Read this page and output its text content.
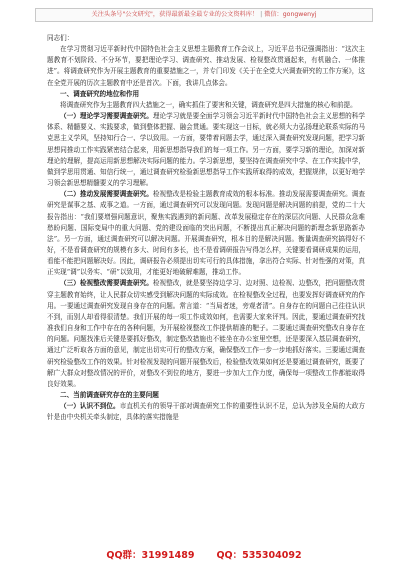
关注头条号"公文研究"，获得最新最全最专业的公文资料库！ | 微信：gongwenyj

同志们：

在学习贯彻习近平新时代中国特色社会主义思想主题教育工作会议上，习近平总书记强调指出：“这次主题教育不划阶段、不分环节，要把理论学习、调查研究、推动发展、检视整改贯通起来，有机融合、一体推进”。将调查研究作为开展主题教育的重要措施之一，并专门印发《关于在全党大兴调查研究的工作方案》，这在全党开展的历次主题教育中还是首次。下面，我讲几点体会。

一、调查研究的地位和作用

将调查研究作为主题教育四大措施之一，确实抓住了要害和关键，调查研究是四大措施的核心和前提。

（一）理论学习需要调查研究。理论学习就是要全面学习领会习近平新时代中国特色社会主义思想的科学体系、精髓要义、实践要求，做到整体把握、融会贯通。要实现这一目标，就必须大力弘扬理论联系实际的马克思主义学风，坚持知行合一、学以致用。一方面，要带着问题去学，通过深入调查研究发现问题，把学习新思想同推动工作实践紧密结合起来，用新思想指导我们的每一项工作。另一方面，要学习新的理论，加深对新理论的理解，提高运用新思想解决实际问题的能力。学习新思想，要坚持在调查研究中学、在工作实践中学，做到学思用贯通、知信行统一，通过调查研究检验新思想指导工作实践所取得的成效，把握规律，以更好地学习领会新思想精髓要义的学习理解。

（二）推动发展需要调查研究。检视整改是检验主题教育成效的根本标准。推动发展需要调查研究。调查研究是谋事之基、成事之道。一方面，通过调查研究可以发现问题。发现问题是解决问题的前提，党的二十大报告指出：“我们要增强问题意识，聚焦实践遇到的新问题、改革发展稳定存在的深层次问题、人民群众急难愁盼问题、国际变局中的重大问题、党的建设面临的突出问题，不断提出真正解决问题的新理念新思路新办法”。另一方面，通过调查研究可以解决问题。开展调查研究，根本目的是解决问题。衡量调查研究搞得好不好，不是看调查研究的规模有多大、时间有多长，也不是看调研报告写得怎么样，关键要看调研成果的运用，看能不能把问题解决好。因此，调研报告必须提出切实可行的具体措施，拿出符合实际、针对性强的对策，真正实现“调”以务实、“研”以致用，才能更好地破解难题，推动工作。

（三）检视整改需要调查研究。检视整改，就是要坚持边学习、边对照、边检视、边整改，把问题整改贯穿主题教育始终，让人民群众切实感受到解决问题的实际成效。在检视整改全过程，也要发挥好调查研究的作用。一要通过调查研究发现自身存在的问题。常言道：“当局者迷，旁观者清”。自身存在的问题自己往往认识不到，而别人却看得很清楚。我们开展的每一项工作成效如何，也需要大家来评判。因此，要通过调查研究找准我们自身和工作中存在的各种问题，为开展检视整改工作提供精准的靶子。二要通过调查研究整改自身存在的问题。问题找准后关键是要抓好整改，制定整改措施也不能坐在办公室里空想，还是要深入基层调查研究，通过广泛听取各方面的意见，制定出切实可行的整改方案，确保整改工作一步一步地抓好落实。三要通过调查研究检验整改工作的效果。针对检视发现的问题开展整改后，检验整改效果如何还是要通过调查研究，既要了解广大群众对整改情况的评价，对整改不到位的地方，要进一步加大工作力度，确保每一项整改工作都能取得良好效果。

二、当前调查研究存在的主要问题

（一）认识不到位。市直机关有的领导干部对调查研究工作的重要性认识不足，总认为涉及全局的大政方针是由中央机关牵头制定，具体的落实措施是

QQ群：31991489 QQ：535304092
